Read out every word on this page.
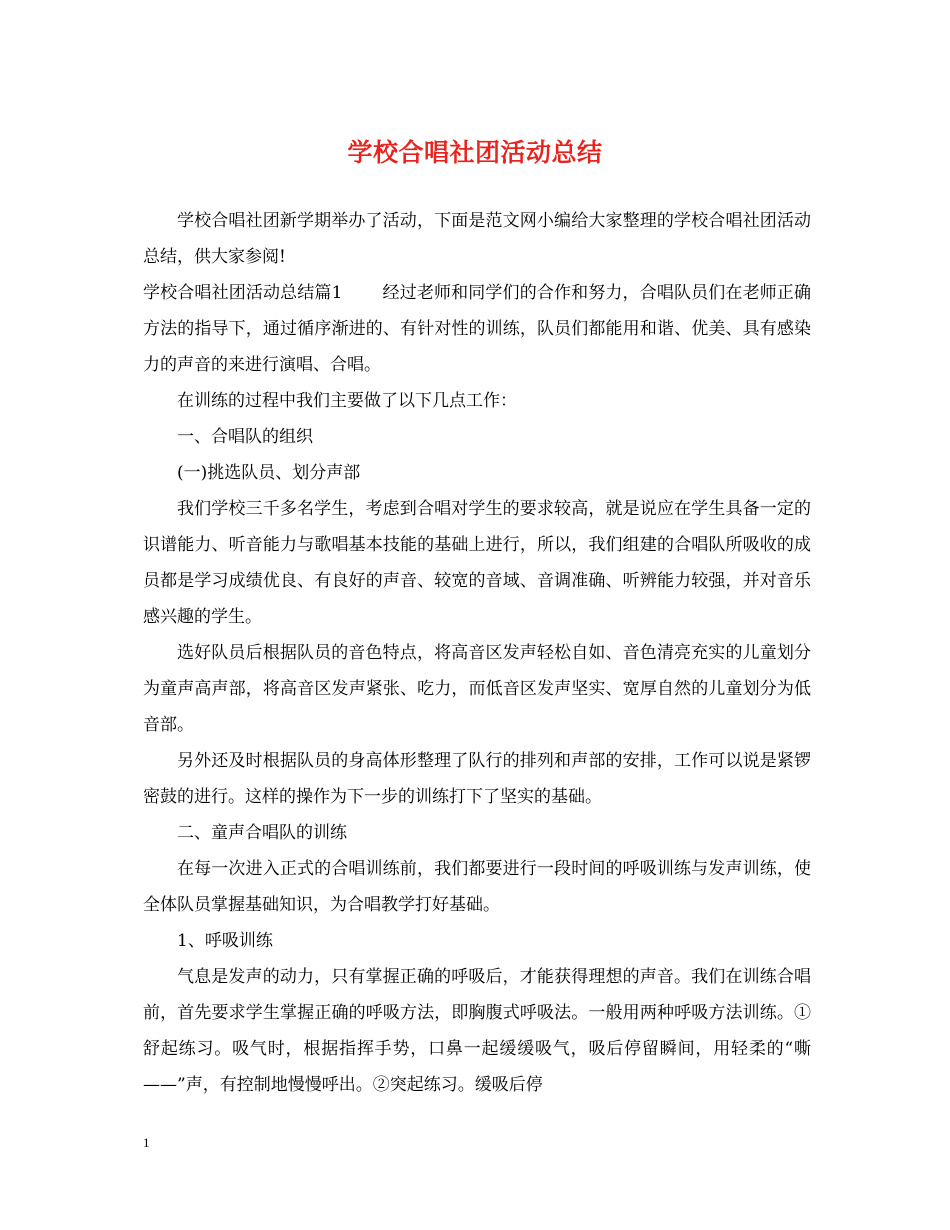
学校合唱社团活动总结

学校合唱社团新学期举办了活动，下面是范文网小编给大家整理的学校合唱社团活动总结，供大家参阅!

学校合唱社团活动总结篇1 经过老师和同学们的合作和努力，合唱队员们在老师正确方法的指导下，通过循序渐进的、有针对性的训练，队员们都能用和谐、优美、具有感染力的声音的来进行演唱、合唱。

在训练的过程中我们主要做了以下几点工作：

一、合唱队的组织

(一)挑选队员、划分声部

我们学校三千多名学生，考虑到合唱对学生的要求较高，就是说应在学生具备一定的识谱能力、听音能力与歌唱基本技能的基础上进行，所以，我们组建的合唱队所吸收的成员都是学习成绩优良、有良好的声音、较宽的音域、音调准确、听辨能力较强，并对音乐感兴趣的学生。

选好队员后根据队员的音色特点，将高音区发声轻松自如、音色清亮充实的儿童划分为童声高声部，将高音区发声紧张、吃力，而低音区发声坚实、宽厚自然的儿童划分为低音部。

另外还及时根据队员的身高体形整理了队行的排列和声部的安排，工作可以说是紧锣密鼓的进行。这样的操作为下一步的训练打下了坚实的基础。

二、童声合唱队的训练

在每一次进入正式的合唱训练前，我们都要进行一段时间的呼吸训练与发声训练，使全体队员掌握基础知识，为合唱教学打好基础。

1、呼吸训练

气息是发声的动力，只有掌握正确的呼吸后，才能获得理想的声音。我们在训练合唱前，首先要求学生掌握正确的呼吸方法，即胸腹式呼吸法。一般用两种呼吸方法训练。①舒起练习。吸气时，根据指挥手势，口鼻一起缓缓吸气，吸后停留瞬间，用轻柔的“嘶——”声，有控制地慢慢呼出。②突起练习。缓吸后停

1
